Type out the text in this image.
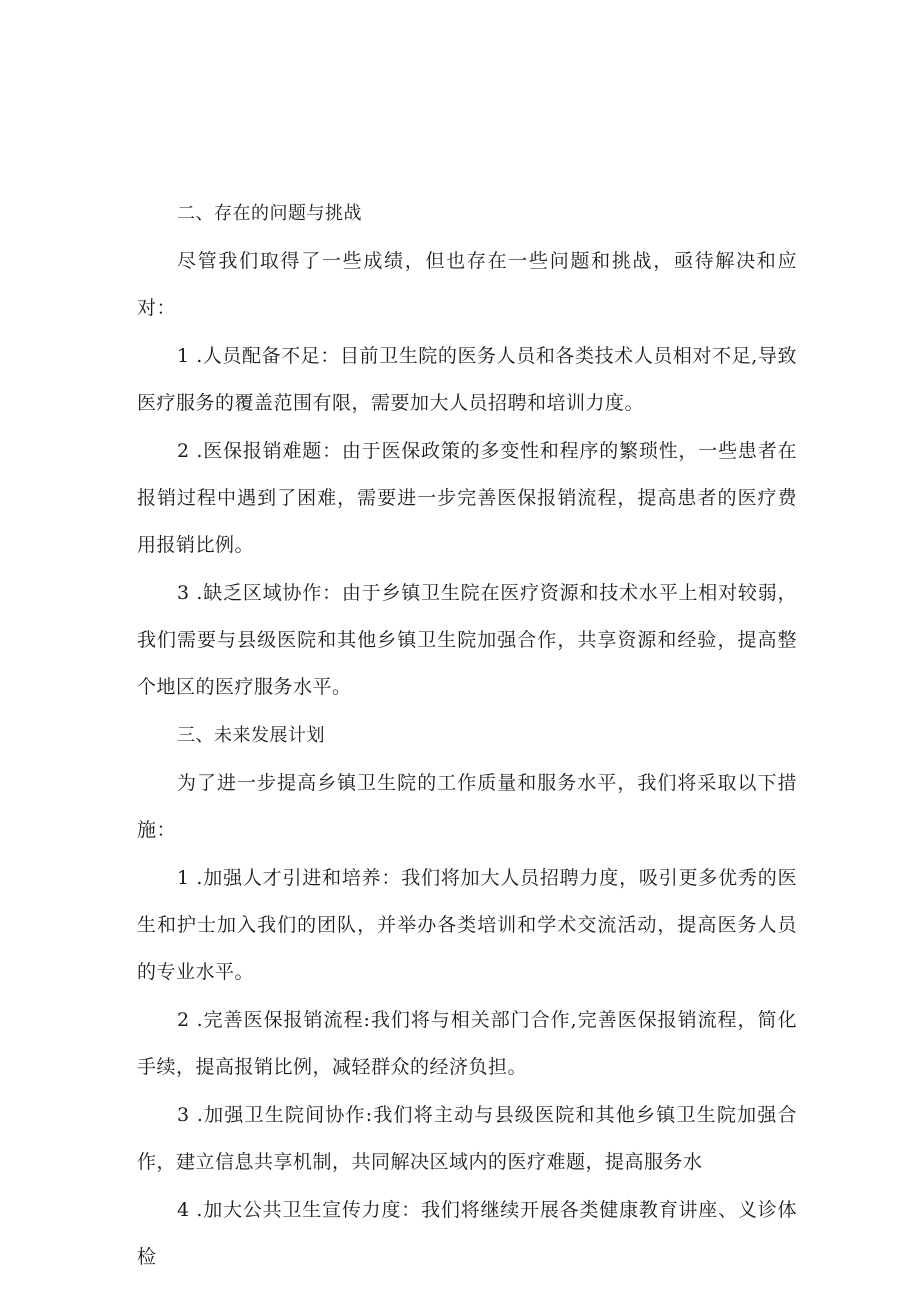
二、存在的问题与挑战

尽管我们取得了一些成绩，但也存在一些问题和挑战，亟待解决和应对：

1 .人员配备不足：目前卫生院的医务人员和各类技术人员相对不足,导致医疗服务的覆盖范围有限，需要加大人员招聘和培训力度。

2 .医保报销难题：由于医保政策的多变性和程序的繁琐性，一些患者在报销过程中遇到了困难，需要进一步完善医保报销流程，提高患者的医疗费用报销比例。

3 .缺乏区域协作：由于乡镇卫生院在医疗资源和技术水平上相对较弱，我们需要与县级医院和其他乡镇卫生院加强合作，共享资源和经验，提高整个地区的医疗服务水平。

三、未来发展计划

为了进一步提高乡镇卫生院的工作质量和服务水平，我们将采取以下措施：

1 .加强人才引进和培养：我们将加大人员招聘力度，吸引更多优秀的医生和护士加入我们的团队，并举办各类培训和学术交流活动，提高医务人员的专业水平。

2 .完善医保报销流程:我们将与相关部门合作,完善医保报销流程，简化手续，提高报销比例，减轻群众的经济负担。

3 .加强卫生院间协作:我们将主动与县级医院和其他乡镇卫生院加强合作，建立信息共享机制，共同解决区域内的医疗难题，提高服务水

4 .加大公共卫生宣传力度：我们将继续开展各类健康教育讲座、义诊体检
